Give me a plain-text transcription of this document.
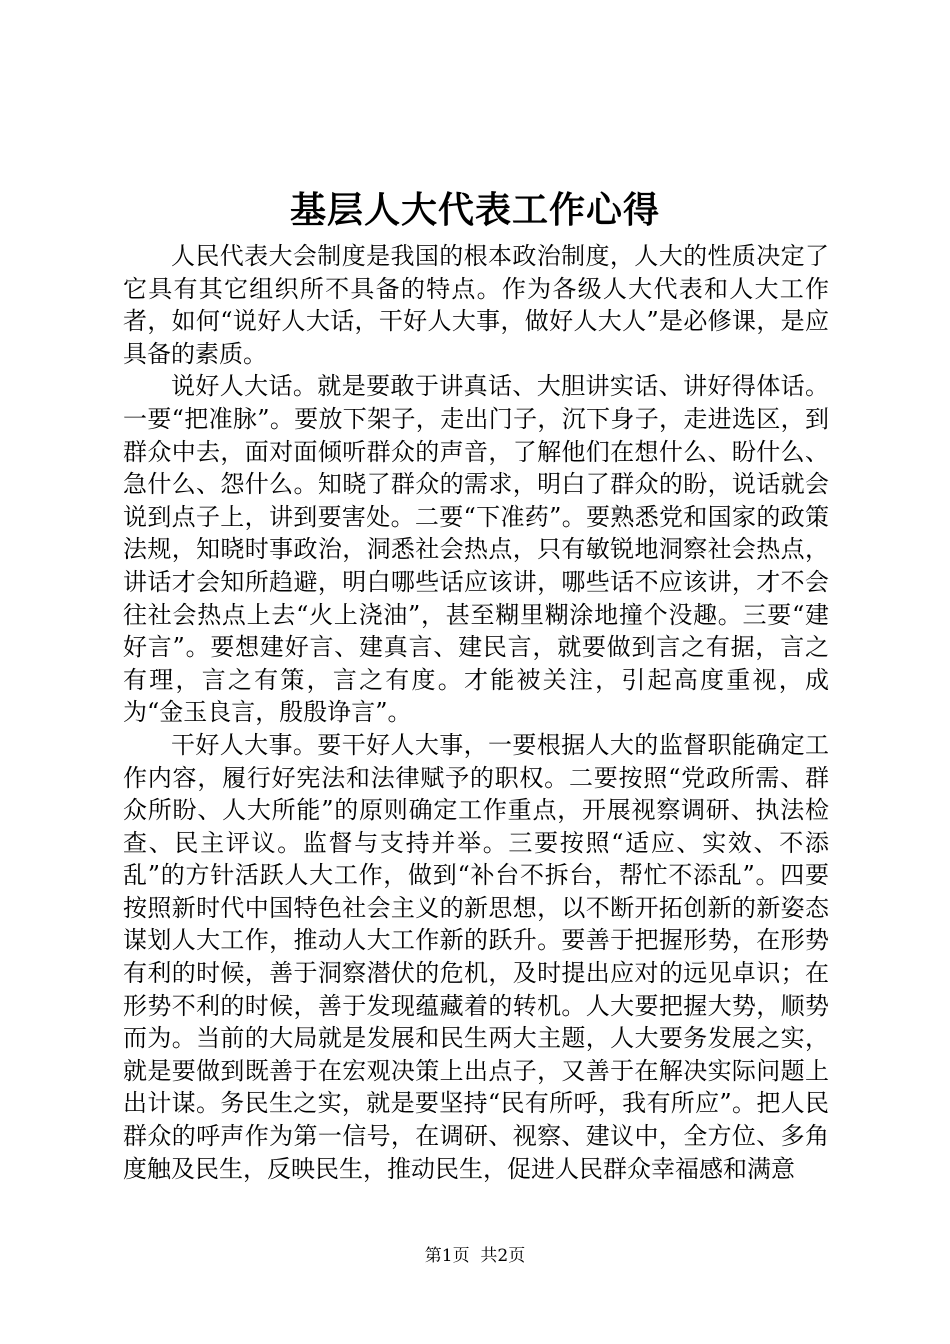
基层人大代表工作心得

人民代表大会制度是我国的根本政治制度，人大的性质决定了它具有其它组织所不具备的特点。作为各级人大代表和人大工作者，如何“说好人大话，干好人大事，做好人大人”是必修课，是应具备的素质。

说好人大话。就是要敢于讲真话、大胆讲实话、讲好得体话。一要“把准脉”。要放下架子，走出门子，沉下身子，走进选区，到群众中去，面对面倾听群众的声音，了解他们在想什么、盼什么、急什么、怨什么。知晓了群众的需求，明白了群众的盼，说话就会说到点子上，讲到要害处。二要“下准药”。要熟悉党和国家的政策法规，知晓时事政治，洞悉社会热点，只有敏锐地洞察社会热点，讲话才会知所趋避，明白哪些话应该讲，哪些话不应该讲，才不会往社会热点上去“火上浇油”，甚至糊里糊涂地撞个没趣。三要“建好言”。要想建好言、建真言、建民言，就要做到言之有据，言之有理，言之有策，言之有度。才能被关注，引起高度重视，成为“金玉良言，殷殷诤言”。

干好人大事。要干好人大事，一要根据人大的监督职能确定工作内容，履行好宪法和法律赋予的职权。二要按照“党政所需、群众所盼、人大所能”的原则确定工作重点，开展视察调研、执法检查、民主评议。监督与支持并举。三要按照“适应、实效、不添乱”的方针活跃人大工作，做到“补台不拆台，帮忙不添乱”。四要按照新时代中国特色社会主义的新思想，以不断开拓创新的新姿态谋划人大工作，推动人大工作新的跃升。要善于把握形势，在形势有利的时候，善于洞察潜伏的危机，及时提出应对的远见卓识；在形势不利的时候，善于发现蕴藏着的转机。人大要把握大势，顺势而为。当前的大局就是发展和民生两大主题，人大要务发展之实，就是要做到既善于在宏观决策上出点子，又善于在解决实际问题上出计谋。务民生之实，就是要坚持“民有所呼，我有所应”。把人民群众的呼声作为第一信号，在调研、视察、建议中，全方位、多角度触及民生，反映民生，推动民生，促进人民群众幸福感和满意

第1页 共2页
